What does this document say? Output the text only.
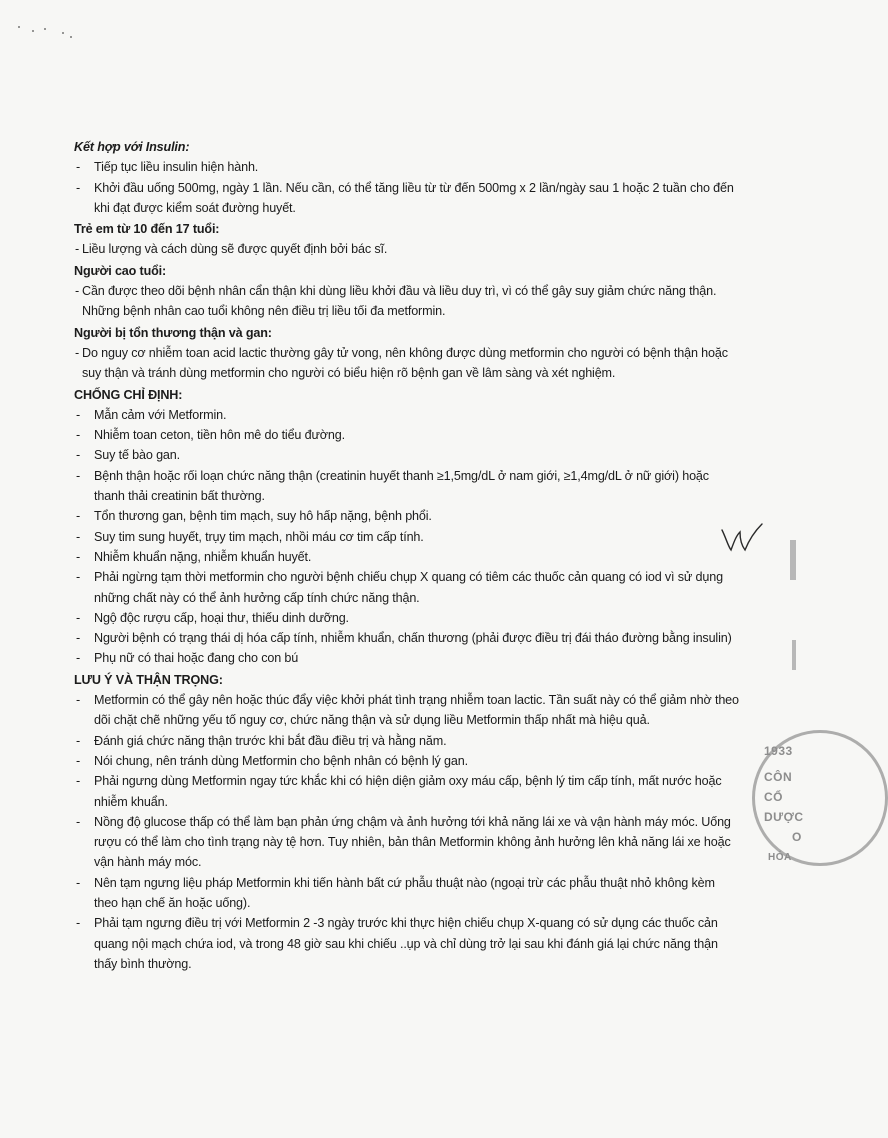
Kết hợp với Insulin:
- Tiếp tục liều insulin hiện hành.
- Khởi đầu uống 500mg, ngày 1 lần. Nếu cần, có thể tăng liều từ từ đến 500mg x 2 lần/ngày sau 1 hoặc 2 tuần cho đến khi đạt được kiểm soát đường huyết.
Trẻ em từ 10 đến 17 tuổi:
- Liều lượng và cách dùng sẽ được quyết định bởi bác sĩ.
Người cao tuổi:
- Cần được theo dõi bệnh nhân cẩn thận khi dùng liều khởi đầu và liều duy trì, vì có thể gây suy giảm chức năng thận. Những bệnh nhân cao tuổi không nên điều trị liều tối đa metformin.
Người bị tổn thương thận và gan:
- Do nguy cơ nhiễm toan acid lactic thường gây tử vong, nên không được dùng metformin cho người có bệnh thận hoặc suy thận và tránh dùng metformin cho người có biểu hiện rõ bệnh gan về lâm sàng và xét nghiệm.
CHỐNG CHỈ ĐỊNH:
- Mẫn cảm với Metformin.
- Nhiễm toan ceton, tiền hôn mê do tiểu đường.
- Suy tế bào gan.
- Bệnh thận hoặc rối loạn chức năng thận (creatinin huyết thanh ≥1,5mg/dL ở nam giới, ≥1,4mg/dL ở nữ giới) hoặc thanh thải creatinin bất thường.
- Tổn thương gan, bệnh tim mạch, suy hô hấp nặng, bệnh phổi.
- Suy tim sung huyết, trụy tim mạch, nhồi máu cơ tim cấp tính.
- Nhiễm khuẩn nặng, nhiễm khuẩn huyết.
- Phải ngừng tạm thời metformin cho người bệnh chiếu chụp X quang có tiêm các thuốc cản quang có iod vì sử dụng những chất này có thể ảnh hưởng cấp tính chức năng thận.
- Ngộ độc rượu cấp, hoại thư, thiếu dinh dưỡng.
- Người bệnh có trạng thái dị hóa cấp tính, nhiễm khuẩn, chấn thương (phải được điều trị đái tháo đường bằng insulin)
- Phụ nữ có thai hoặc đang cho con bú
LƯU Ý VÀ THẬN TRỌNG:
- Metformin có thể gây nên hoặc thúc đẩy việc khởi phát tình trạng nhiễm toan lactic. Tần suất này có thể giảm nhờ theo dõi chặt chẽ những yếu tố nguy cơ, chức năng thận và sử dụng liều Metformin thấp nhất mà hiệu quả.
- Đánh giá chức năng thận trước khi bắt đầu điều trị và hằng năm.
- Nói chung, nên tránh dùng Metformin cho bệnh nhân có bệnh lý gan.
- Phải ngưng dùng Metformin ngay tức khắc khi có hiện diện giảm oxy máu cấp, bệnh lý tim cấp tính, mất nước hoặc nhiễm khuẩn.
- Nồng độ glucose thấp có thể làm bạn phản ứng chậm và ảnh hưởng tới khả năng lái xe và vận hành máy móc. Uống rượu có thể làm cho tình trạng này tệ hơn. Tuy nhiên, bản thân Metformin không ảnh hưởng lên khả năng lái xe hoặc vận hành máy móc.
- Nên tạm ngưng liệu pháp Metformin khi tiến hành bất cứ phẫu thuật nào (ngoại trừ các phẫu thuật nhỏ không kèm theo hạn chế ăn hoặc uống).
- Phải tạm ngưng điều trị với Metformin 2 -3 ngày trước khi thực hiện chiếu chụp X-quang có sử dụng các thuốc cản quang nội mạch chứa iod, và trong 48 giờ sau khi chiếu ..ụp và chỉ dùng trở lại sau khi đánh giá lại chức năng thận thấy bình thường.
1933
CÔN
CỔ
DƯỢC
O
HÓA
